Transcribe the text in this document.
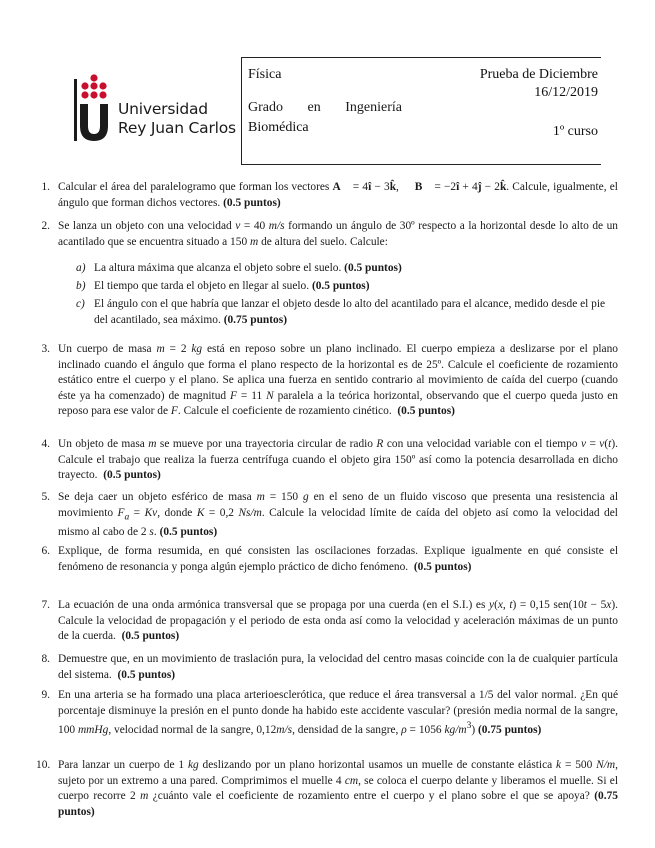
Universidad
Rey Juan Carlos
Física	Prueba de Diciembre
16/12/2019
Grado en Ingeniería
Biomédica	1º curso
1. Calcular el área del paralelogramo que forman los vectores A⃗ = 4î − 3k̂,     B⃗ = −2î + 4ĵ − 2k̂. Calcule, igualmente, el ángulo que forman dichos vectores. (0.5 puntos)
2. Se lanza un objeto con una velocidad v = 40 m/s formando un ángulo de 30º respecto a la horizontal desde lo alto de un acantilado que se encuentra situado a 150 m de altura del suelo. Calcule:
a) La altura máxima que alcanza el objeto sobre el suelo. (0.5 puntos)
b) El tiempo que tarda el objeto en llegar al suelo. (0.5 puntos)
c) El ángulo con el que habría que lanzar el objeto desde lo alto del acantilado para el alcance, medido desde el pie del acantilado, sea máximo. (0.75 puntos)
3. Un cuerpo de masa m = 2 kg está en reposo sobre un plano inclinado. El cuerpo empieza a deslizarse por el plano inclinado cuando el ángulo que forma el plano respecto de la horizontal es de 25º. Calcule el coeficiente de rozamiento estático entre el cuerpo y el plano. Se aplica una fuerza en sentido contrario al movimiento de caída del cuerpo (cuando éste ya ha comenzado) de magnitud F = 11 N paralela a la teórica horizontal, observando que el cuerpo queda justo en reposo para ese valor de F. Calcule el coeficiente de rozamiento cinético.  (0.5 puntos)
4. Un objeto de masa m se mueve por una trayectoria circular de radio R con una velocidad variable con el tiempo v = v(t). Calcule el trabajo que realiza la fuerza centrífuga cuando el objeto gira 150º así como la potencia desarrollada en dicho trayecto.  (0.5 puntos)
5. Se deja caer un objeto esférico de masa m = 150 g en el seno de un fluido viscoso que presenta una resistencia al movimiento $F_a = Kv$, donde K = 0,2 Ns/m. Calcule la velocidad límite de caída del objeto así como la velocidad del mismo al cabo de 2 s. (0.5 puntos)
6. Explique, de forma resumida, en qué consisten las oscilaciones forzadas. Explique igualmente en qué consiste el fenómeno de resonancia y ponga algún ejemplo práctico de dicho fenómeno.  (0.5 puntos)
7. La ecuación de una onda armónica transversal que se propaga por una cuerda (en el S.I.) es y(x, t) = 0,15 sen(10t − 5x). Calcule la velocidad de propagación y el periodo de esta onda así como la velocidad y aceleración máximas de un punto de la cuerda.  (0.5 puntos)
8. Demuestre que, en un movimiento de traslación pura, la velocidad del centro masas coincide con la de cualquier partícula del sistema.  (0.5 puntos)
9. En una arteria se ha formado una placa arterioesclerótica, que reduce el área transversal a 1/5 del valor normal. ¿En qué porcentaje disminuye la presión en el punto donde ha habido este accidente vascular? (presión media normal de la sangre, 100 mmHg, velocidad normal de la sangre, 0,12m/s, densidad de la sangre, ρ = 1056 $kg/m^3$) (0.75 puntos)
10. Para lanzar un cuerpo de 1 kg deslizando por un plano horizontal usamos un muelle de constante elástica k = 500 N/m, sujeto por un extremo a una pared. Comprimimos el muelle 4 cm, se coloca el cuerpo delante y liberamos el muelle. Si el cuerpo recorre 2 m ¿cuánto vale el coeficiente de rozamiento entre el cuerpo y el plano sobre el que se apoya? (0.75 puntos)
